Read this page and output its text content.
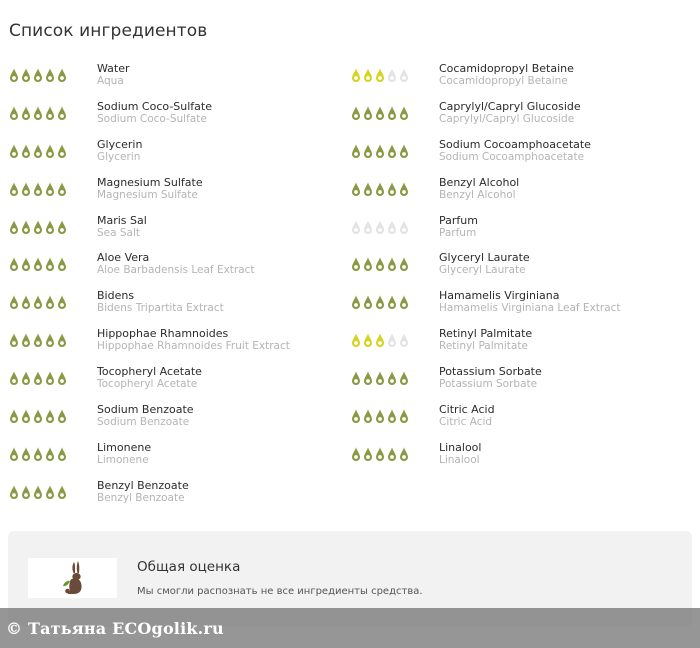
Список ингредиентов
Water
Aqua
Sodium Coco-Sulfate
Sodium Coco-Sulfate
Glycerin
Glycerin
Magnesium Sulfate
Magnesium Sulfate
Maris Sal
Sea Salt
Aloe Vera
Aloe Barbadensis Leaf Extract
Bidens
Bidens Tripartita Extract
Hippophae Rhamnoides
Hippophae Rhamnoides Fruit Extract
Tocopheryl Acetate
Tocopheryl Acetate
Sodium Benzoate
Sodium Benzoate
Limonene
Limonene
Benzyl Benzoate
Benzyl Benzoate
Cocamidopropyl Betaine
Cocamidopropyl Betaine
Caprylyl/Capryl Glucoside
Caprylyl/Capryl Glucoside
Sodium Cocoamphoacetate
Sodium Cocoamphoacetate
Benzyl Alcohol
Benzyl Alcohol
Parfum
Parfum
Glyceryl Laurate
Glyceryl Laurate
Hamamelis Virginiana
Hamamelis Virginiana Leaf Extract
Retinyl Palmitate
Retinyl Palmitate
Potassium Sorbate
Potassium Sorbate
Citric Acid
Citric Acid
Linalool
Linalool
Общая оценка
Мы смогли распознать не все ингредиенты средства.
© Татьяна ECOgolik.ru
